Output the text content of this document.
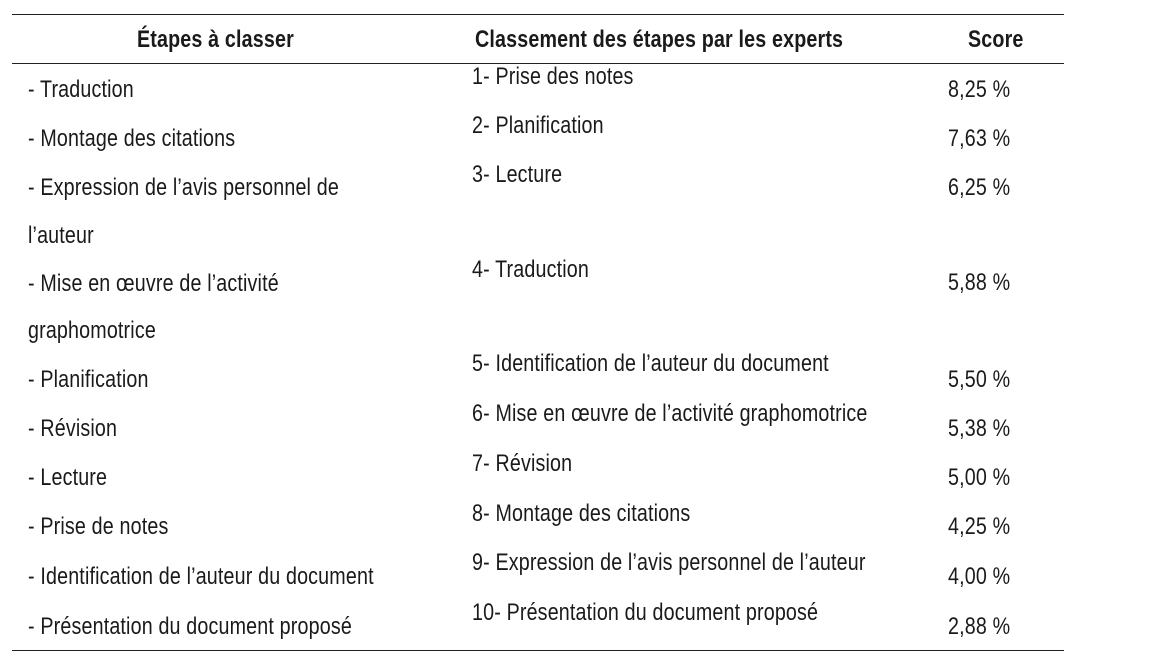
Étapes à classer	Classement des étapes par les experts	Score
- Traduction
- Montage des citations
- Expression de l’avis personnel de
l’auteur
- Mise en œuvre de l’activité
graphomotrice
- Planification
- Révision
- Lecture
- Prise de notes
- Identification de l’auteur du document
- Présentation du document proposé
1- Prise des notes
2- Planification
3- Lecture
4- Traduction
5- Identification de l’auteur du document
6- Mise en œuvre de l’activité graphomotrice
7- Révision
8- Montage des citations
9- Expression de l’avis personnel de l’auteur
10- Présentation du document proposé
8,25 %
7,63 %
6,25 %
5,88 %
5,50 %
5,38 %
5,00 %
4,25 %
4,00 %
2,88 %
